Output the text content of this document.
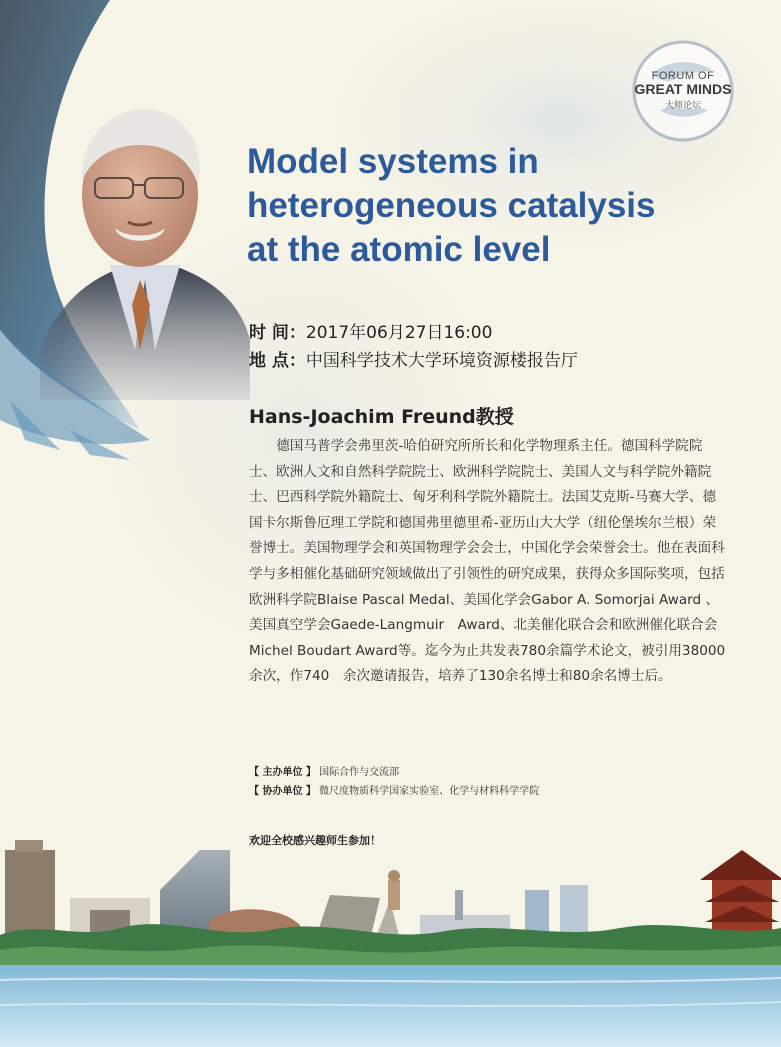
FORUM OF
GREAT MINDS
大师论坛
Model systems in
heterogeneous catalysis
at the atomic level
时 间：2017年06月27日16:00
地 点：中国科学技术大学环境资源楼报告厅
Hans-Joachim Freund教授

德国马普学会弗里茨-哈伯研究所所长和化学物理系主任。德国科学院院士、欧洲人文和自然科学院院士、欧洲科学院院士、美国人文与科学院外籍院士、巴西科学院外籍院士、匈牙利科学院外籍院士。法国艾克斯-马赛大学、德国卡尔斯鲁厄理工学院和德国弗里德里希-亚历山大大学（纽伦堡埃尔兰根）荣誉博士。美国物理学会和英国物理学会会士，中国化学会荣誉会士。他在表面科学与多相催化基础研究领域做出了引领性的研究成果，获得众多国际奖项，包括欧洲科学院Blaise Pascal Medal、美国化学会Gabor A. Somorjai Award 、美国真空学会Gaede-Langmuir　Award、北美催化联合会和欧洲催化联合会Michel Boudart Award等。迄今为止共发表780余篇学术论文，被引用38000余次，作740　余次邀请报告，培养了130余名博士和80余名博士后。

【 主办单位 】 国际合作与交流部
【 协办单位 】 微尺度物质科学国家实验室、化学与材料科学学院
欢迎全校感兴趣师生参加！
